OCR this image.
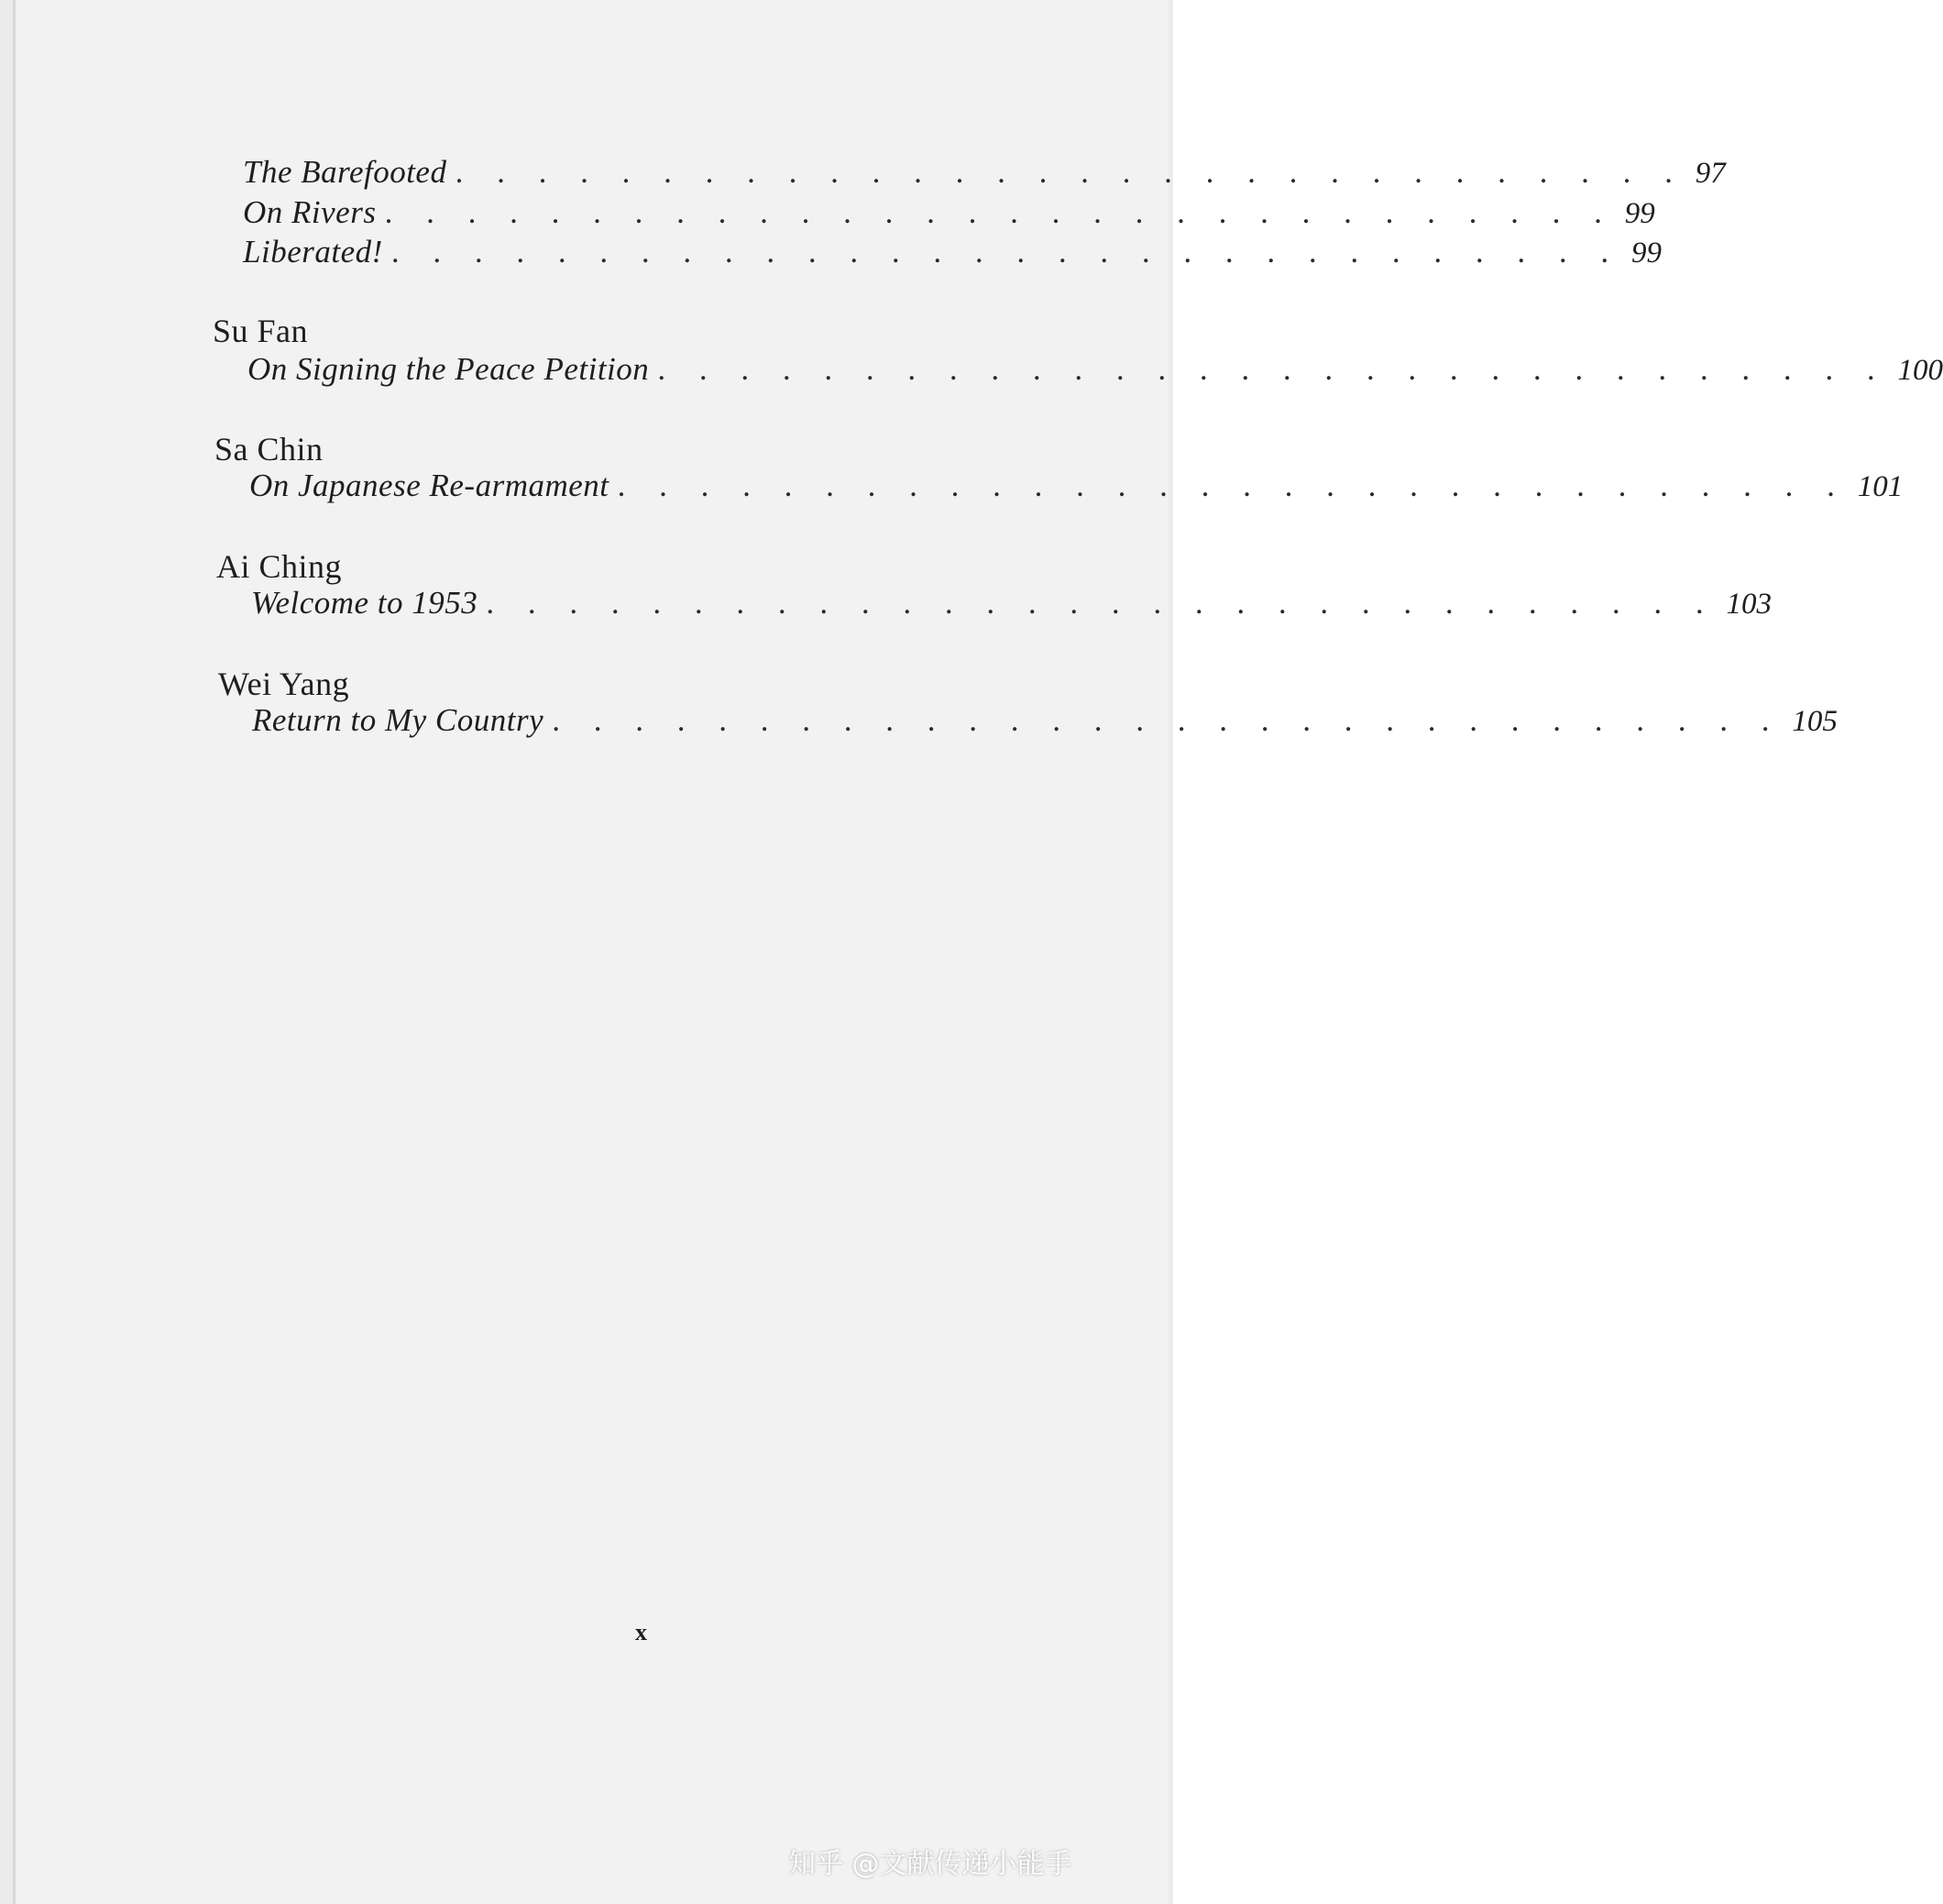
The Barefooted . . . . . . . . . . . . . . . . . . . . . . . . . . . . . . 97
On Rivers . . . . . . . . . . . . . . . . . . . . . . . . . . . . . . 99
Liberated! . . . . . . . . . . . . . . . . . . . . . . . . . . . . . . 99
Su Fan
On Signing the Peace Petition . . . . . . . . . . . . . . . . . . . . . . . . . . . . . . 100
Sa Chin
On Japanese Re-armament . . . . . . . . . . . . . . . . . . . . . . . . . . . . . . 101
Ai Ching
Welcome to 1953 . . . . . . . . . . . . . . . . . . . . . . . . . . . . . . 103
Wei Yang
Return to My Country . . . . . . . . . . . . . . . . . . . . . . . . . . . . . . 105
x
知乎 @文献传递小能手
